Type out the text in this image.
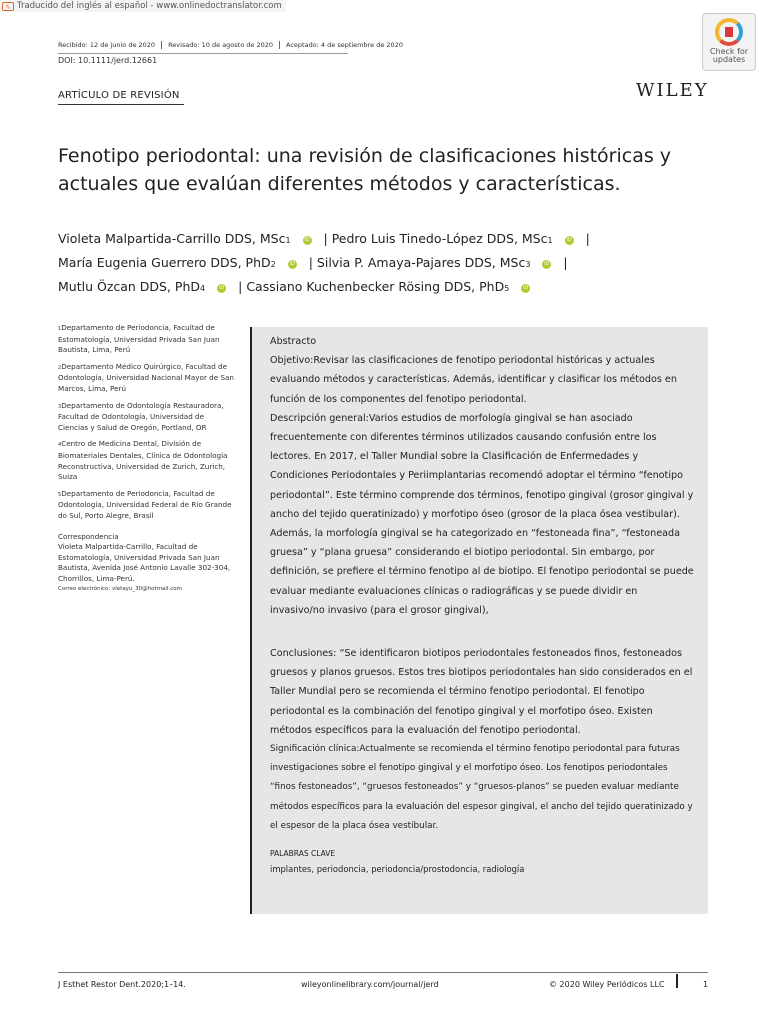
✎ Traducido del inglés al español - www.onlinedoctranslator.com
Recibido: 12 de junio de 2020	Revisado: 10 de agosto de 2020	Aceptado: 4 de septiembre de 2020
DOI: 10.1111/jerd.12661
Check for
updates
ARTÍCULO DE REVISIÓN	WILEY
Fenotipo periodontal: una revisión de clasificaciones históricas y actuales que evalúan diferentes métodos y características.
Violeta Malpartida-Carrillo DDS, MSc1	iD | Pedro Luis Tinedo-López DDS, MSc1	iD |
María Eugenia Guerrero DDS, PhD2	iD | Silvia P. Amaya-Pajares DDS, MSc3	iD |
Mutlu Özcan DDS, PhD4	iD | Cassiano Kuchenbecker Rösing DDS, PhD5	iD

1Departamento de Periodoncia, Facultad de Estomatología, Universidad Privada San Juan Bautista, Lima, Perú

2Departamento Médico Quirúrgico, Facultad de Odontología, Universidad Nacional Mayor de San Marcos, Lima, Perú

3Departamento de Odontología Restauradora, Facultad de Odontología, Universidad de Ciencias y Salud de Oregón, Portland, OR

4Centro de Medicina Dental, División de Biomateriales Dentales, Clínica de Odontología Reconstructiva, Universidad de Zurich, Zurich, Suiza

5Departamento de Periodoncia, Facultad de Odontología, Universidad Federal de Rio Grande do Sul, Porto Alegre, Brasil

Correspondencia
Violeta Malpartida-Carrillo, Facultad de Estomatología, Universidad Privada San Juan Bautista, Avenida José Antonio Lavalle 302-304, Chorrillos, Lima-Perú.
Correo electrónico: vletayu_30@hotmail.com

Abstracto

Objetivo:Revisar las clasificaciones de fenotipo periodontal históricas y actuales evaluando métodos y características. Además, identificar y clasificar los métodos en función de los componentes del fenotipo periodontal.

Descripción general:Varios estudios de morfología gingival se han asociado frecuentemente con diferentes términos utilizados causando confusión entre los lectores. En 2017, el Taller Mundial sobre la Clasificación de Enfermedades y Condiciones Periodontales y Periimplantarias recomendó adoptar el término “fenotipo periodontal”. Este término comprende dos términos, fenotipo gingival (grosor gingival y ancho del tejido queratinizado) y morfotipo óseo (grosor de la placa ósea vestibular). Además, la morfología gingival se ha categorizado en “festoneada fina”, “festoneada gruesa” y “plana gruesa” considerando el biotipo periodontal. Sin embargo, por definición, se prefiere el término fenotipo al de biotipo. El fenotipo periodontal se puede evaluar mediante evaluaciones clínicas o radiográficas y se puede dividir en invasivo/no invasivo (para el grosor gingival),

Conclusiones: “Se identificaron biotipos periodontales festoneados finos, festoneados gruesos y planos gruesos. Estos tres biotipos periodontales han sido considerados en el Taller Mundial pero se recomienda el término fenotipo periodontal. El fenotipo periodontal es la combinación del fenotipo gingival y el morfotipo óseo. Existen métodos específicos para la evaluación del fenotipo periodontal.

Significación clínica:Actualmente se recomienda el término fenotipo periodontal para futuras investigaciones sobre el fenotipo gingival y el morfotipo óseo. Los fenotipos periodontales “finos festoneados”, “gruesos festoneados” y “gruesos-planos” se pueden evaluar mediante métodos específicos para la evaluación del espesor gingival, el ancho del tejido queratinizado y el espesor de la placa ósea vestibular.

PALABRAS CLAVE

implantes, periodoncia, periodoncia/prostodoncia, radiología

J Esthet Restor Dent.2020;1–14.	wileyonlinelibrary.com/journal/jerd	© 2020 Wiley Periódicos LLC	1
